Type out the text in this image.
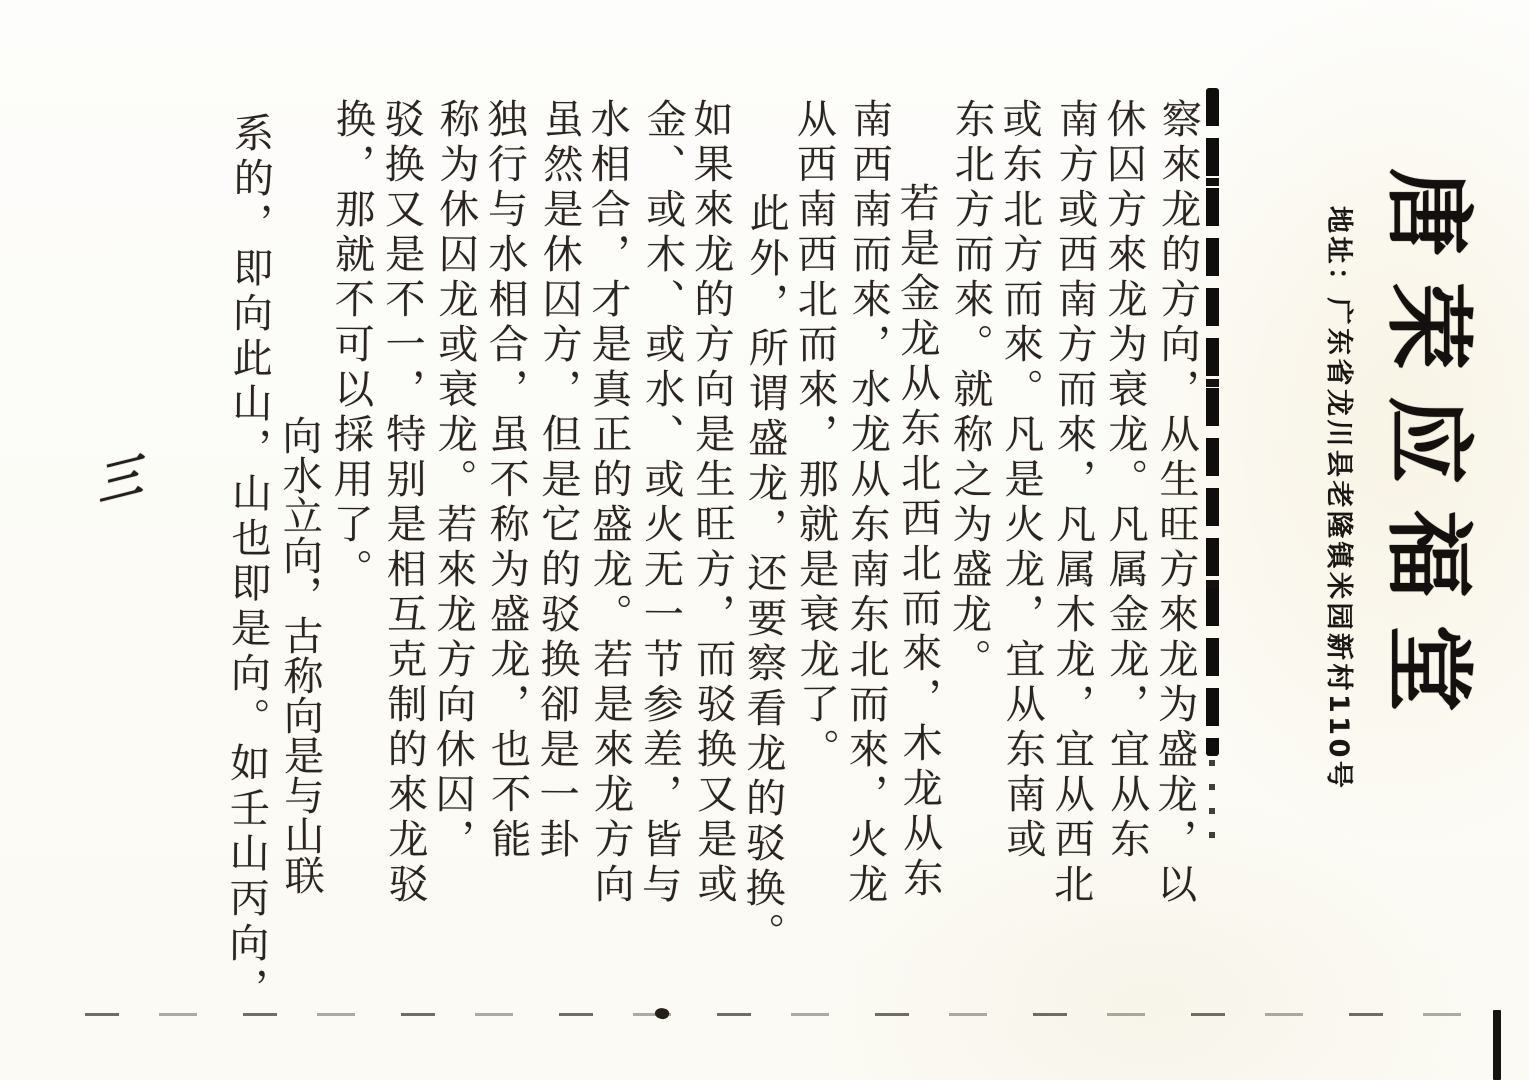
唐荣应福堂
地址：广东省龙川县老隆镇米园新村110号
察來龙的方向，从生旺方來龙为盛龙，以
休囚方來龙为衰龙。凡属金龙，宜从东
南方或西南方而來，凡属木龙，宜从西北
或东北方而來。凡是火龙，宜从东南或
东北方而來。就称之为盛龙。
若是金龙从东北西北而來，木龙从东
南西南而來，水龙从东南东北而來，火龙
从西南西北而來，那就是衰龙了。
此外，所谓盛龙，还要察看龙的驳换。
如果來龙的方向是生旺方，而驳换又是或
金、或木、或水、或火无一节参差，皆与
水相合，才是真正的盛龙。若是來龙方向
虽然是休囚方，但是它的驳换卻是一卦
独行与水相合，虽不称为盛龙，也不能
称为休囚龙或衰龙。若來龙方向休囚，
驳换又是不一，特别是相互克制的來龙驳
换，那就不可以採用了。
向水立向，古称向是与山联
系的，即向此山，山也即是向。如壬山丙向，
三
